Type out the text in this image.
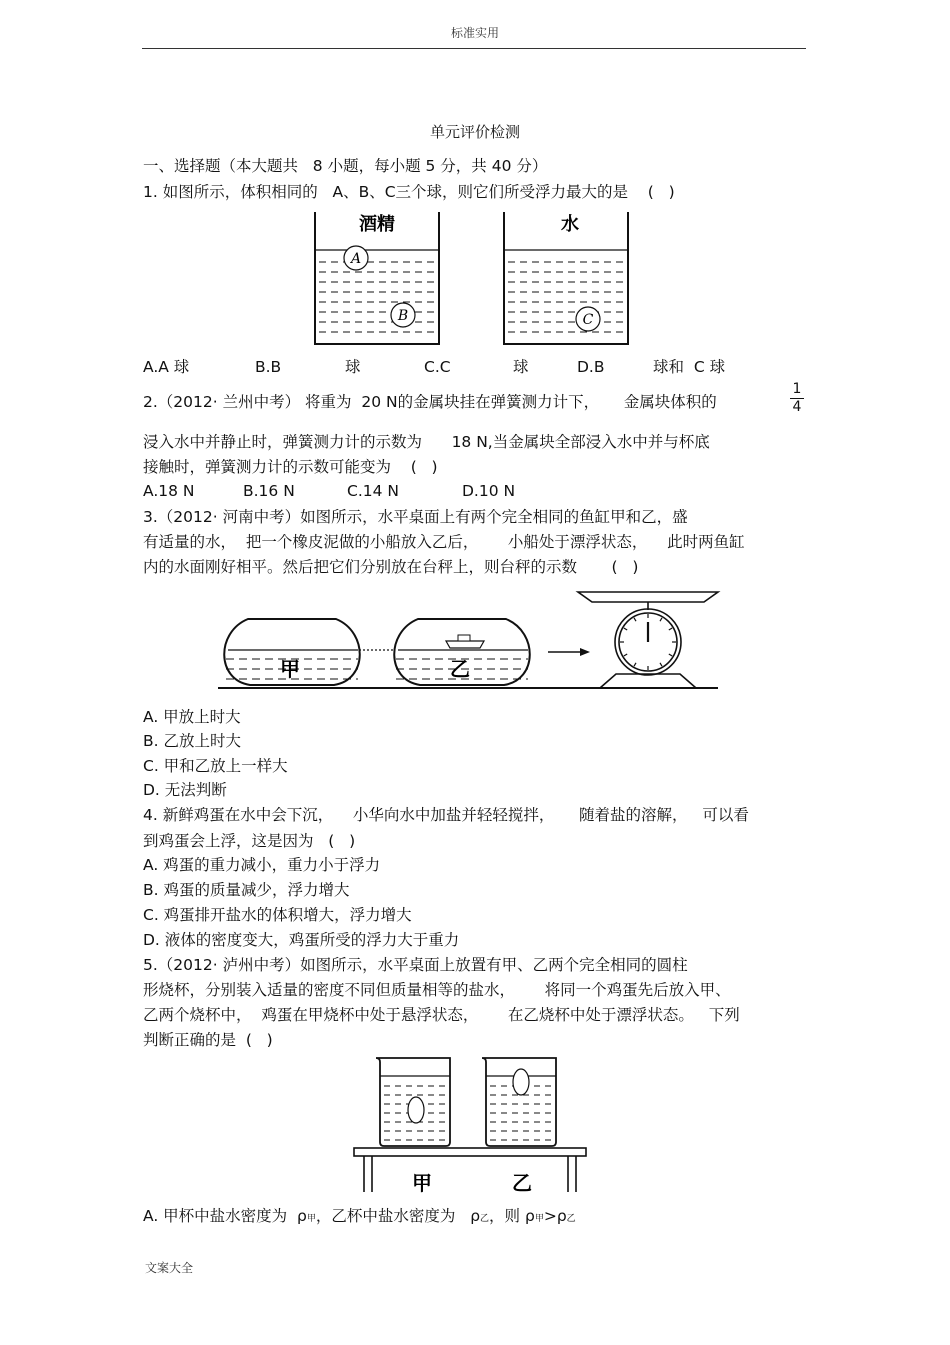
标准实用
单元评价检测
一、选择题（本大题共   8 小题，每小题 5 分，共 40 分）
1. 如图所示，体积相同的   A、B、C三个球，则它们所受浮力最大的是    (   )
酒精	水
A
B	C
A.A 球	B.B	球	C.C	球	D.B	球和  C 球
2.（2012· 兰州中考） 将重为  20 N的金属块挂在弹簧测力计下，     金属块体积的	$\frac{1}{4}$
浸入水中并静止时，弹簧测力计的示数为      18 N,当金属块全部浸入水中并与杯底
接触时，弹簧测力计的示数可能变为    (   )
A.18 N	B.16 N	C.14 N	D.10 N
3.（2012· 河南中考）如图所示，水平桌面上有两个完全相同的鱼缸甲和乙，盛
有适量的水，  把一个橡皮泥做的小船放入乙后，      小船处于漂浮状态，    此时两鱼缸
内的水面刚好相平。然后把它们分别放在台秤上，则台秤的示数       (   )
甲	乙
A. 甲放上时大
B. 乙放上时大
C. 甲和乙放上一样大
D. 无法判断
4. 新鲜鸡蛋在水中会下沉，    小华向水中加盐并轻轻搅拌，     随着盐的溶解，   可以看
到鸡蛋会上浮，这是因为   (   )
A. 鸡蛋的重力减小，重力小于浮力
B. 鸡蛋的质量减少，浮力增大
C. 鸡蛋排开盐水的体积增大，浮力增大
D. 液体的密度变大，鸡蛋所受的浮力大于重力
5.（2012· 泸州中考）如图所示，水平桌面上放置有甲、乙两个完全相同的圆柱
形烧杯，分别装入适量的密度不同但质量相等的盐水，      将同一个鸡蛋先后放入甲、
乙两个烧杯中，  鸡蛋在甲烧杯中处于悬浮状态，      在乙烧杯中处于漂浮状态。   下列
判断正确的是  (   )
甲	乙
A. 甲杯中盐水密度为  ρ甲，乙杯中盐水密度为   ρ乙，则 ρ甲>ρ乙
文案大全
